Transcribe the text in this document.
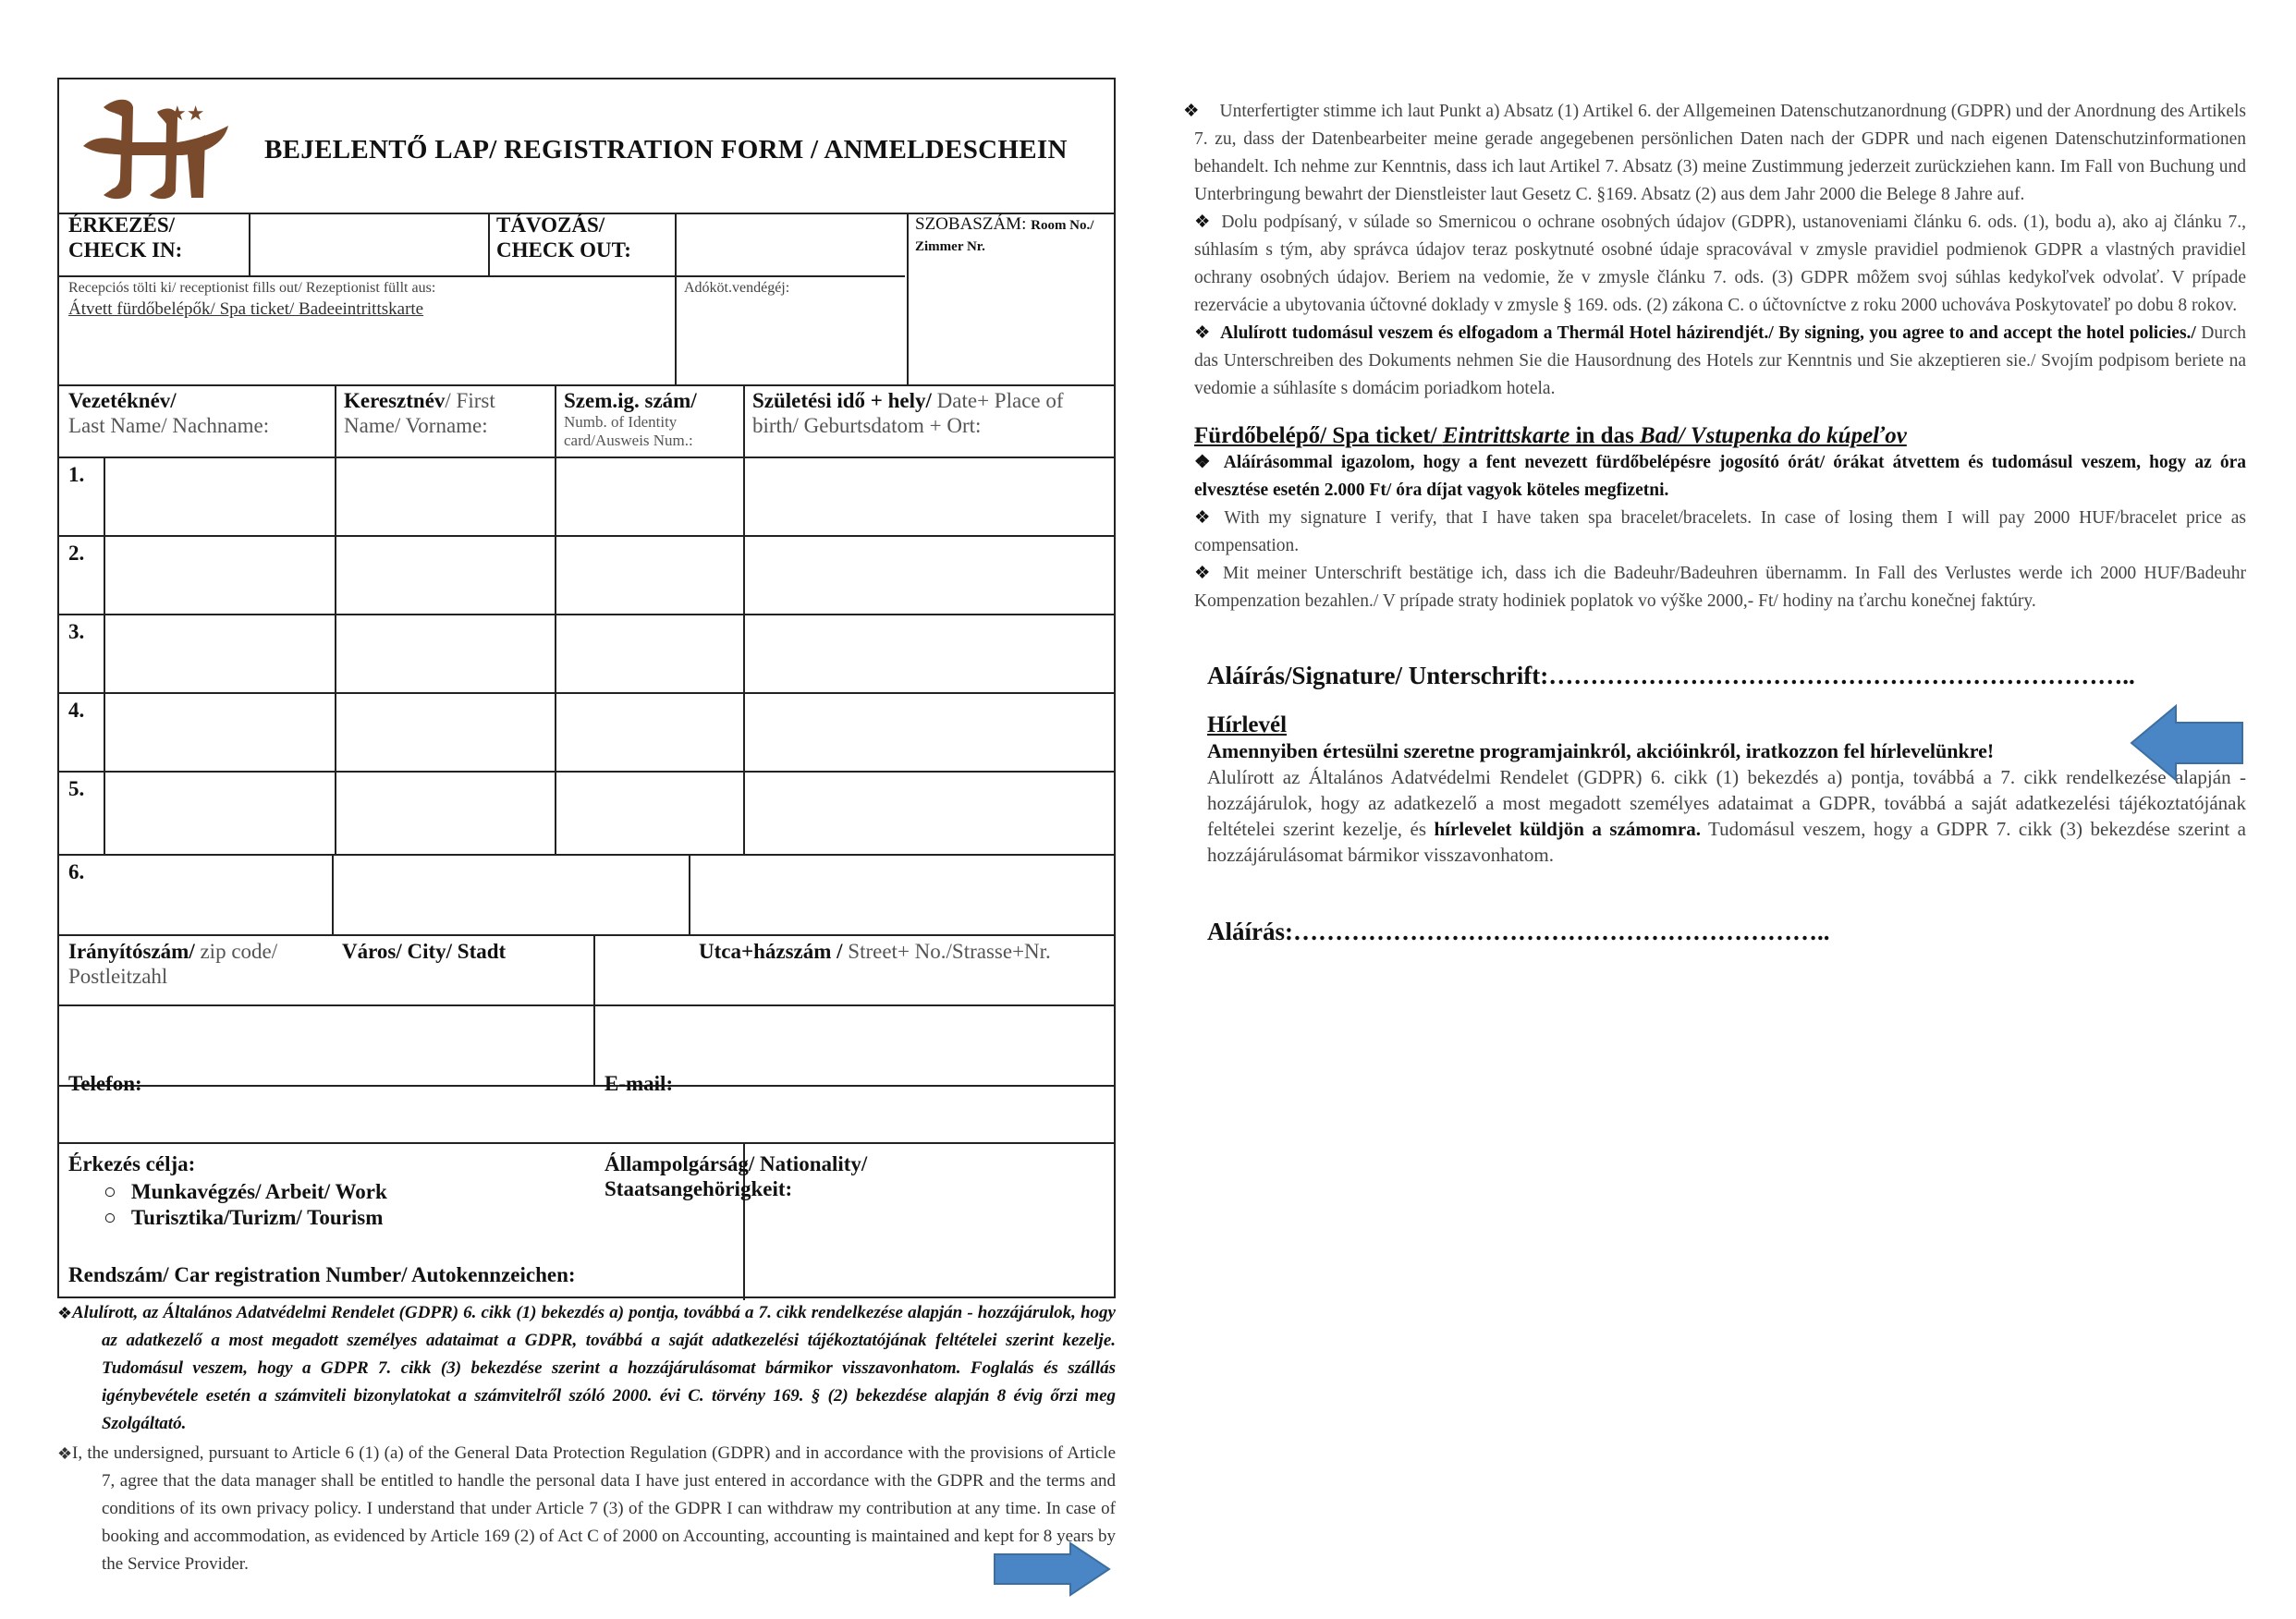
★★
BEJELENTŐ LAP/ REGISTRATION FORM / ANMELDESCHEIN
ÉRKEZÉS/
CHECK IN:
TÁVOZÁS/
CHECK OUT:
SZOBASZÁM: Room No./ Zimmer Nr.
Recepciós tölti ki/ receptionist fills out/ Rezeptionist füllt aus:
Átvett fürdőbelépők/ Spa ticket/ Badeeintrittskarte
Adóköt.vendégéj:
Vezetéknév/
Last Name/ Nachname:
Keresztnév/ First Name/ Vorname:
Szem.ig. szám/
Numb. of Identity card/Ausweis Num.:
Születési idő + hely/ Date+ Place of birth/ Geburtsdatom + Ort:
1.
2.
3.
4.
5.
6.
Irányítószám/ zip code/ Postleitzahl
Város/ City/ Stadt	Utca+házszám / Street+ No./Strasse+Nr.
Telefon:	E-mail:
Érkezés célja:
○ Munkavégzés/ Arbeit/ Work
○ Turisztika/Turizm/ Tourism
Állampolgárság/ Nationality/
Staatsangehörigkeit:
Rendszám/ Car registration Number/ Autokennzeichen:
❖ Alulírott, az Általános Adatvédelmi Rendelet (GDPR) 6. cikk (1) bekezdés a) pontja, továbbá a 7. cikk rendelkezése alapján - hozzájárulok, hogy az adatkezelő a most megadott személyes adataimat a GDPR, továbbá a saját adatkezelési tájékoztatójának feltételei szerint kezelje. Tudomásul veszem, hogy a GDPR 7. cikk (3) bekezdése szerint a hozzájárulásomat bármikor visszavonhatom. Foglalás és szállás igénybevétele esetén a számviteli bizonylatokat a számvitelről szóló 2000. évi C. törvény 169. § (2) bekezdése alapján 8 évig őrzi meg Szolgáltató.
❖ I, the undersigned, pursuant to Article 6 (1) (a) of the General Data Protection Regulation (GDPR) and in accordance with the provisions of Article 7, agree that the data manager shall be entitled to handle the personal data I have just entered in accordance with the GDPR and the terms and conditions of its own privacy policy. I understand that under Article 7 (3) of the GDPR I can withdraw my contribution at any time. In case of booking and accommodation, as evidenced by Article 169 (2) of Act C of 2000 on Accounting, accounting is maintained and kept for 8 years by the Service Provider.
❖ Unterfertigter stimme ich laut Punkt a) Absatz (1) Artikel 6. der Allgemeinen Datenschutzanordnung (GDPR) und der Anordnung des Artikels 7. zu, dass der Datenbearbeiter meine gerade angegebenen persönlichen Daten nach der GDPR und nach eigenen Datenschutzinformationen behandelt. Ich nehme zur Kenntnis, dass ich laut Artikel 7. Absatz (3) meine Zustimmung jederzeit zurückziehen kann. Im Fall von Buchung und Unterbringung bewahrt der Dienstleister laut Gesetz C. §169. Absatz (2) aus dem Jahr 2000 die Belege 8 Jahre auf.
❖ Dolu podpísaný, v súlade so Smernicou o ochrane osobných údajov (GDPR), ustanoveniami článku 6. ods. (1), bodu a), ako aj článku 7., súhlasím s tým, aby správca údajov teraz poskytnuté osobné údaje spracovával v zmysle pravidiel podmienok GDPR a vlastných pravidiel ochrany osobných údajov. Beriem na vedomie, že v zmysle článku 7. ods. (3) GDPR môžem svoj súhlas kedykoľvek odvolať. V prípade rezervácie a ubytovania účtovné doklady v zmysle § 169. ods. (2) zákona C. o účtovníctve z roku 2000 uchováva Poskytovateľ po dobu 8 rokov.
❖ Alulírott tudomásul veszem és elfogadom a Thermál Hotel házirendjét./ By signing, you agree to and accept the hotel policies./ Durch das Unterschreiben des Dokuments nehmen Sie die Hausordnung des Hotels zur Kenntnis und Sie akzeptieren sie./ Svojím podpisom beriete na vedomie a súhlasíte s domácim poriadkom hotela.
Fürdőbelépő/ Spa ticket/ Eintrittskarte in das Bad/ Vstupenka do kúpeľov
❖ Aláírásommal igazolom, hogy a fent nevezett fürdőbelépésre jogosító órát/ órákat átvettem és tudomásul veszem, hogy az óra elvesztése esetén 2.000 Ft/ óra díjat vagyok köteles megfizetni.
❖ With my signature I verify, that I have taken spa bracelet/bracelets. In case of losing them I will pay 2000 HUF/bracelet price as compensation.
❖ Mit meiner Unterschrift bestätige ich, dass ich die Badeuhr/Badeuhren übernamm. In Fall des Verlustes werde ich 2000 HUF/Badeuhr Kompenzation bezahlen./ V prípade straty hodiniek poplatok vo výške 2000,- Ft/ hodiny na ťarchu konečnej faktúry.
Aláírás/Signature/ Unterschrift:……………………………………………………………..
Hírlevél
Amennyiben értesülni szeretne programjainkról, akcióinkról, iratkozzon fel hírlevelünkre!
Alulírott az Általános Adatvédelmi Rendelet (GDPR) 6. cikk (1) bekezdés a) pontja, továbbá a 7. cikk rendelkezése alapján - hozzájárulok, hogy az adatkezelő a most megadott személyes adataimat a GDPR, továbbá a saját adatkezelési tájékoztatójának feltételei szerint kezelje, és hírlevelet küldjön a számomra. Tudomásul veszem, hogy a GDPR 7. cikk (3) bekezdése szerint a hozzájárulásomat bármikor visszavonhatom.
Aláírás:………………………………………………………..
